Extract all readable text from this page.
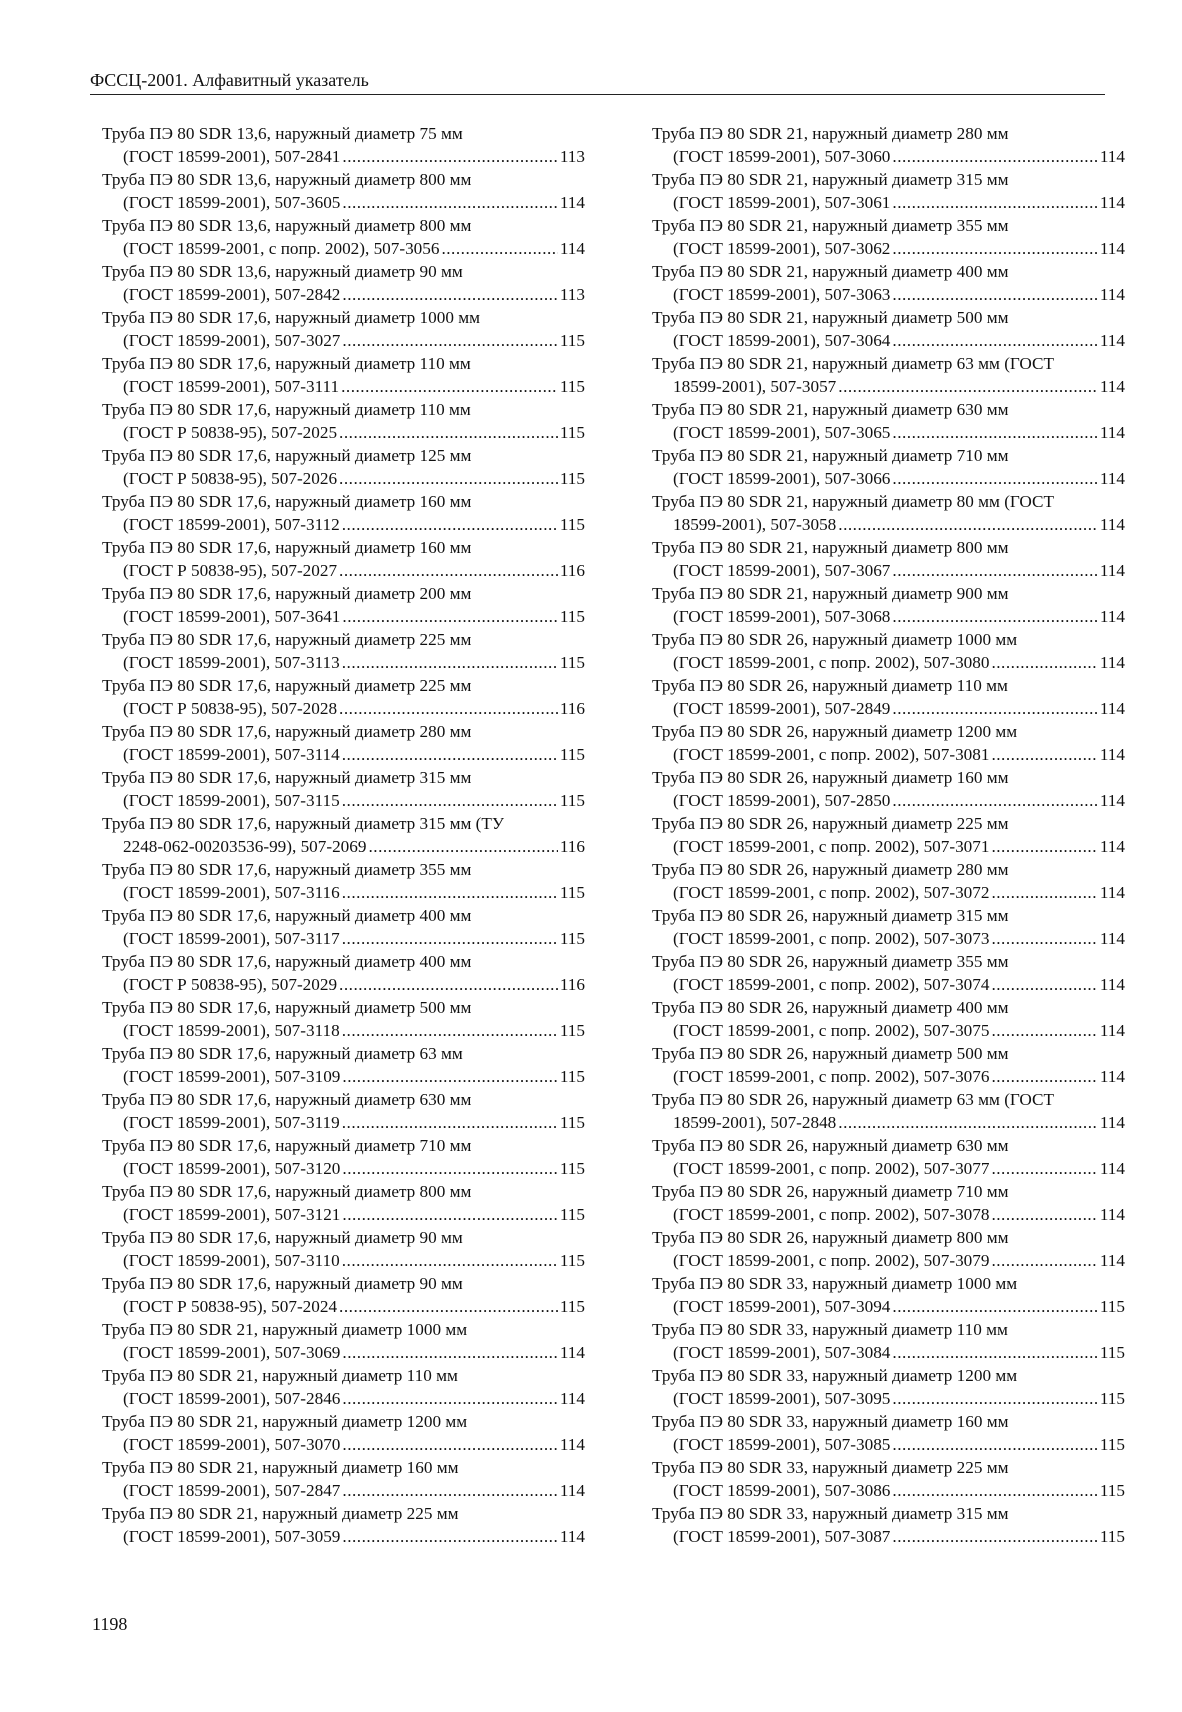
ФССЦ-2001. Алфавитный указатель
Труба ПЭ 80 SDR 13,6, наружный диаметр 75 мм
(ГОСТ 18599-2001), 507-2841 .....	113
Труба ПЭ 80 SDR 13,6, наружный диаметр 800 мм
(ГОСТ 18599-2001), 507-3605 .....	114
Труба ПЭ 80 SDR 13,6, наружный диаметр 800 мм
(ГОСТ 18599-2001, с попр. 2002), 507-3056 .....	114
Труба ПЭ 80 SDR 13,6, наружный диаметр 90 мм
(ГОСТ 18599-2001), 507-2842 .....	113
Труба ПЭ 80 SDR 17,6, наружный диаметр 1000 мм
(ГОСТ 18599-2001), 507-3027 .....	115
Труба ПЭ 80 SDR 17,6, наружный диаметр 110 мм
(ГОСТ 18599-2001), 507-3111 .....	115
Труба ПЭ 80 SDR 17,6, наружный диаметр 110 мм
(ГОСТ Р 50838-95), 507-2025 .....	115
Труба ПЭ 80 SDR 17,6, наружный диаметр 125 мм
(ГОСТ Р 50838-95), 507-2026 .....	115
Труба ПЭ 80 SDR 17,6, наружный диаметр 160 мм
(ГОСТ 18599-2001), 507-3112 .....	115
Труба ПЭ 80 SDR 17,6, наружный диаметр 160 мм
(ГОСТ Р 50838-95), 507-2027 .....	116
Труба ПЭ 80 SDR 17,6, наружный диаметр 200 мм
(ГОСТ 18599-2001), 507-3641 .....	115
Труба ПЭ 80 SDR 17,6, наружный диаметр 225 мм
(ГОСТ 18599-2001), 507-3113 .....	115
Труба ПЭ 80 SDR 17,6, наружный диаметр 225 мм
(ГОСТ Р 50838-95), 507-2028 .....	116
Труба ПЭ 80 SDR 17,6, наружный диаметр 280 мм
(ГОСТ 18599-2001), 507-3114 .....	115
Труба ПЭ 80 SDR 17,6, наружный диаметр 315 мм
(ГОСТ 18599-2001), 507-3115 .....	115
Труба ПЭ 80 SDR 17,6, наружный диаметр 315 мм (ТУ
2248-062-00203536-99), 507-2069 .....	116
Труба ПЭ 80 SDR 17,6, наружный диаметр 355 мм
(ГОСТ 18599-2001), 507-3116 .....	115
Труба ПЭ 80 SDR 17,6, наружный диаметр 400 мм
(ГОСТ 18599-2001), 507-3117 .....	115
Труба ПЭ 80 SDR 17,6, наружный диаметр 400 мм
(ГОСТ Р 50838-95), 507-2029 .....	116
Труба ПЭ 80 SDR 17,6, наружный диаметр 500 мм
(ГОСТ 18599-2001), 507-3118 .....	115
Труба ПЭ 80 SDR 17,6, наружный диаметр 63 мм
(ГОСТ 18599-2001), 507-3109 .....	115
Труба ПЭ 80 SDR 17,6, наружный диаметр 630 мм
(ГОСТ 18599-2001), 507-3119 .....	115
Труба ПЭ 80 SDR 17,6, наружный диаметр 710 мм
(ГОСТ 18599-2001), 507-3120 .....	115
Труба ПЭ 80 SDR 17,6, наружный диаметр 800 мм
(ГОСТ 18599-2001), 507-3121 .....	115
Труба ПЭ 80 SDR 17,6, наружный диаметр 90 мм
(ГОСТ 18599-2001), 507-3110 .....	115
Труба ПЭ 80 SDR 17,6, наружный диаметр 90 мм
(ГОСТ Р 50838-95), 507-2024 .....	115
Труба ПЭ 80 SDR 21, наружный диаметр 1000 мм
(ГОСТ 18599-2001), 507-3069 .....	114
Труба ПЭ 80 SDR 21, наружный диаметр 110 мм
(ГОСТ 18599-2001), 507-2846 .....	114
Труба ПЭ 80 SDR 21, наружный диаметр 1200 мм
(ГОСТ 18599-2001), 507-3070 .....	114
Труба ПЭ 80 SDR 21, наружный диаметр 160 мм
(ГОСТ 18599-2001), 507-2847 .....	114
Труба ПЭ 80 SDR 21, наружный диаметр 225 мм
(ГОСТ 18599-2001), 507-3059 .....	114
Труба ПЭ 80 SDR 21, наружный диаметр 280 мм
(ГОСТ 18599-2001), 507-3060 .....	114
Труба ПЭ 80 SDR 21, наружный диаметр 315 мм
(ГОСТ 18599-2001), 507-3061 .....	114
Труба ПЭ 80 SDR 21, наружный диаметр 355 мм
(ГОСТ 18599-2001), 507-3062 .....	114
Труба ПЭ 80 SDR 21, наружный диаметр 400 мм
(ГОСТ 18599-2001), 507-3063 .....	114
Труба ПЭ 80 SDR 21, наружный диаметр 500 мм
(ГОСТ 18599-2001), 507-3064 .....	114
Труба ПЭ 80 SDR 21, наружный диаметр 63 мм (ГОСТ
18599-2001), 507-3057 .....	114
Труба ПЭ 80 SDR 21, наружный диаметр 630 мм
(ГОСТ 18599-2001), 507-3065 .....	114
Труба ПЭ 80 SDR 21, наружный диаметр 710 мм
(ГОСТ 18599-2001), 507-3066 .....	114
Труба ПЭ 80 SDR 21, наружный диаметр 80 мм (ГОСТ
18599-2001), 507-3058 .....	114
Труба ПЭ 80 SDR 21, наружный диаметр 800 мм
(ГОСТ 18599-2001), 507-3067 .....	114
Труба ПЭ 80 SDR 21, наружный диаметр 900 мм
(ГОСТ 18599-2001), 507-3068 .....	114
Труба ПЭ 80 SDR 26, наружный диаметр 1000 мм
(ГОСТ 18599-2001, с попр. 2002), 507-3080 .....	114
Труба ПЭ 80 SDR 26, наружный диаметр 110 мм
(ГОСТ 18599-2001), 507-2849 .....	114
Труба ПЭ 80 SDR 26, наружный диаметр 1200 мм
(ГОСТ 18599-2001, с попр. 2002), 507-3081 .....	114
Труба ПЭ 80 SDR 26, наружный диаметр 160 мм
(ГОСТ 18599-2001), 507-2850 .....	114
Труба ПЭ 80 SDR 26, наружный диаметр 225 мм
(ГОСТ 18599-2001, с попр. 2002), 507-3071 .....	114
Труба ПЭ 80 SDR 26, наружный диаметр 280 мм
(ГОСТ 18599-2001, с попр. 2002), 507-3072 .....	114
Труба ПЭ 80 SDR 26, наружный диаметр 315 мм
(ГОСТ 18599-2001, с попр. 2002), 507-3073 .....	114
Труба ПЭ 80 SDR 26, наружный диаметр 355 мм
(ГОСТ 18599-2001, с попр. 2002), 507-3074 .....	114
Труба ПЭ 80 SDR 26, наружный диаметр 400 мм
(ГОСТ 18599-2001, с попр. 2002), 507-3075 .....	114
Труба ПЭ 80 SDR 26, наружный диаметр 500 мм
(ГОСТ 18599-2001, с попр. 2002), 507-3076 .....	114
Труба ПЭ 80 SDR 26, наружный диаметр 63 мм (ГОСТ
18599-2001), 507-2848 .....	114
Труба ПЭ 80 SDR 26, наружный диаметр 630 мм
(ГОСТ 18599-2001, с попр. 2002), 507-3077 .....	114
Труба ПЭ 80 SDR 26, наружный диаметр 710 мм
(ГОСТ 18599-2001, с попр. 2002), 507-3078 .....	114
Труба ПЭ 80 SDR 26, наружный диаметр 800 мм
(ГОСТ 18599-2001, с попр. 2002), 507-3079 .....	114
Труба ПЭ 80 SDR 33, наружный диаметр 1000 мм
(ГОСТ 18599-2001), 507-3094 .....	115
Труба ПЭ 80 SDR 33, наружный диаметр 110 мм
(ГОСТ 18599-2001), 507-3084 .....	115
Труба ПЭ 80 SDR 33, наружный диаметр 1200 мм
(ГОСТ 18599-2001), 507-3095 .....	115
Труба ПЭ 80 SDR 33, наружный диаметр 160 мм
(ГОСТ 18599-2001), 507-3085 .....	115
Труба ПЭ 80 SDR 33, наружный диаметр 225 мм
(ГОСТ 18599-2001), 507-3086 .....	115
Труба ПЭ 80 SDR 33, наружный диаметр 315 мм
(ГОСТ 18599-2001), 507-3087 .....	115
1198
